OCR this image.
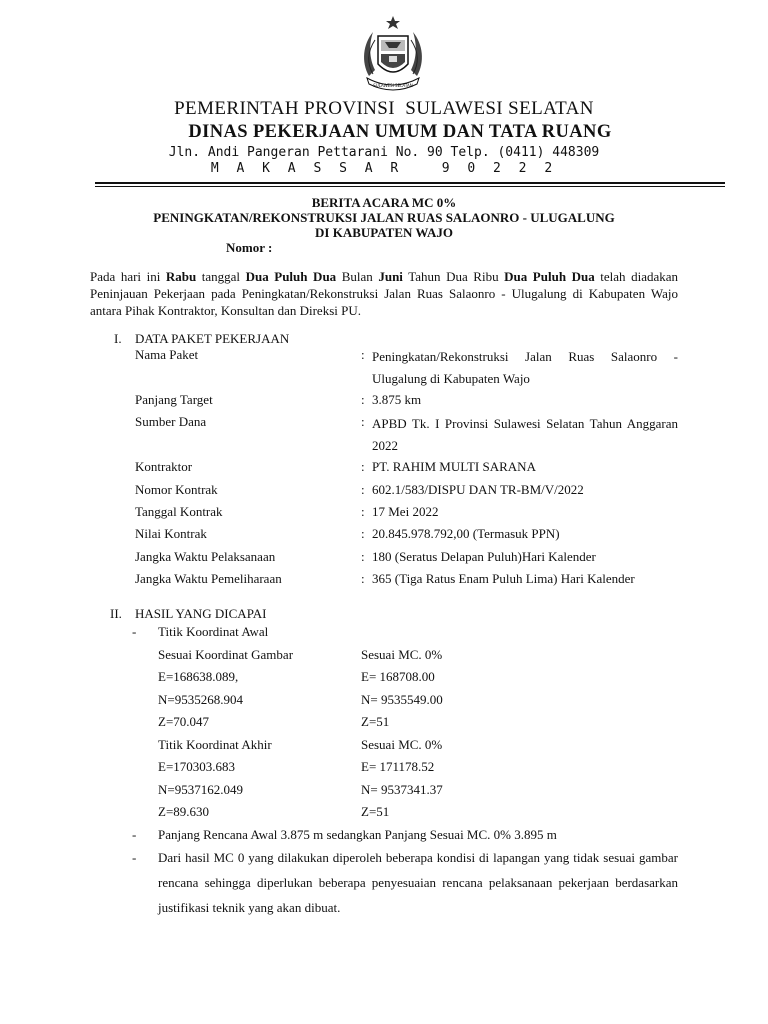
SULAWESI SELATAN
PEMERINTAH PROVINSI  SULAWESI SELATAN
DINAS PEKERJAAN UMUM DAN TATA RUANG
Jln. Andi Pangeran Pettarani No. 90 Telp. (0411) 448309
M A K A S S A R   9 0 2 2 2
BERITA ACARA MC 0%
PENINGKATAN/REKONSTRUKSI JALAN RUAS SALAONRO - ULUGALUNG
DI KABUPATEN WAJO
Nomor :
Pada hari ini Rabu tanggal Dua Puluh Dua Bulan Juni Tahun Dua Ribu Dua Puluh Dua telah diadakan Peninjauan Pekerjaan pada Peningkatan/Rekonstruksi Jalan Ruas Salaonro - Ulugalung di Kabupaten Wajo antara Pihak Kontraktor, Konsultan dan Direksi PU.
I. DATA PAKET PEKERJAAN
Nama Paket	: Peningkatan/Rekonstruksi Jalan Ruas Salaonro - Ulugalung di Kabupaten Wajo
Panjang Target	: 3.875 km
Sumber Dana	: APBD Tk. I Provinsi Sulawesi Selatan Tahun Anggaran 2022
Kontraktor	: PT. RAHIM MULTI SARANA
Nomor Kontrak	: 602.1/583/DISPU DAN TR-BM/V/2022
Tanggal Kontrak	: 17 Mei 2022
Nilai Kontrak	: 20.845.978.792,00 (Termasuk PPN)
Jangka Waktu Pelaksanaan	: 180 (Seratus Delapan Puluh)Hari Kalender
Jangka Waktu Pemeliharaan	: 365 (Tiga Ratus Enam Puluh Lima) Hari Kalender
II. HASIL YANG DICAPAI
- Titik Koordinat Awal
Sesuai Koordinat Gambar	Sesuai MC. 0%
E=168638.089,	E= 168708.00
N=9535268.904	N= 9535549.00
Z=70.047	Z=51
Titik Koordinat Akhir	Sesuai MC. 0%
E=170303.683	E= 171178.52
N=9537162.049	N= 9537341.37
Z=89.630	Z=51
- Panjang Rencana Awal 3.875 m sedangkan Panjang Sesuai MC. 0% 3.895 m
- Dari hasil MC 0 yang dilakukan diperoleh beberapa kondisi di lapangan yang tidak sesuai gambar rencana sehingga diperlukan beberapa penyesuaian rencana pelaksanaan pekerjaan berdasarkan justifikasi teknik yang akan dibuat.
